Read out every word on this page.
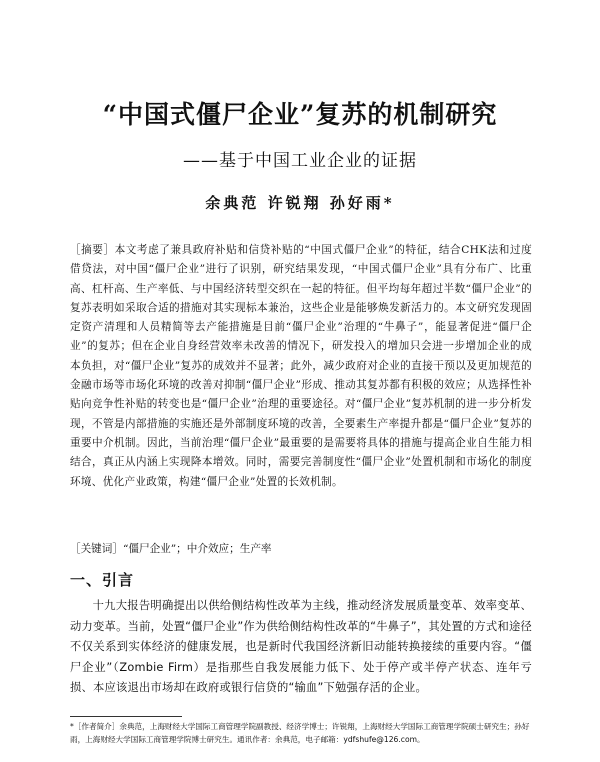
“中国式僵尸企业”复苏的机制研究
——基于中国工业企业的证据
余典范 许锐翔 孙好雨*
［摘要］本文考虑了兼具政府补贴和信贷补贴的“中国式僵尸企业”的特征，结合CHK法和过度借贷法，对中国“僵尸企业”进行了识别，研究结果发现，“中国式僵尸企业”具有分布广、比重高、杠杆高、生产率低、与中国经济转型交织在一起的特征。但平均每年超过半数“僵尸企业”的复苏表明如采取合适的措施对其实现标本兼治，这些企业是能够焕发新活力的。本文研究发现固定资产清理和人员精简等去产能措施是目前“僵尸企业”治理的“牛鼻子”，能显著促进“僵尸企业”的复苏；但在企业自身经营效率未改善的情况下，研发投入的增加只会进一步增加企业的成本负担，对“僵尸企业”复苏的成效并不显著；此外，减少政府对企业的直接干预以及更加规范的金融市场等市场化环境的改善对抑制“僵尸企业”形成、推动其复苏都有积极的效应；从选择性补贴向竞争性补贴的转变也是“僵尸企业”治理的重要途径。对“僵尸企业”复苏机制的进一步分析发现，不管是内部措施的实施还是外部制度环境的改善，全要素生产率提升都是“僵尸企业”复苏的重要中介机制。因此，当前治理“僵尸企业”最重要的是需要将具体的措施与提高企业自生能力相结合，真正从内涵上实现降本增效。同时，需要完善制度性“僵尸企业”处置机制和市场化的制度环境、优化产业政策，构建“僵尸企业”处置的长效机制。
［关键词］“僵尸企业”；中介效应；生产率
一、引言
十九大报告明确提出以供给侧结构性改革为主线，推动经济发展质量变革、效率变革、动力变革。当前，处置“僵尸企业”作为供给侧结构性改革的“牛鼻子”，其处置的方式和途径不仅关系到实体经济的健康发展，也是新时代我国经济新旧动能转换接续的重要内容。“僵尸企业”（Zombie Firm）是指那些自我发展能力低下、处于停产或半停产状态、连年亏损、本应该退出市场却在政府或银行信贷的“输血”下勉强存活的企业。
*［作者简介］余典范，上海财经大学国际工商管理学院副教授、经济学博士；许锐翔，上海财经大学国际工商管理学院硕士研究生；孙好雨，上海财经大学国际工商管理学院博士研究生。通讯作者：余典范，电子邮箱：ydfshufe@126.com。
